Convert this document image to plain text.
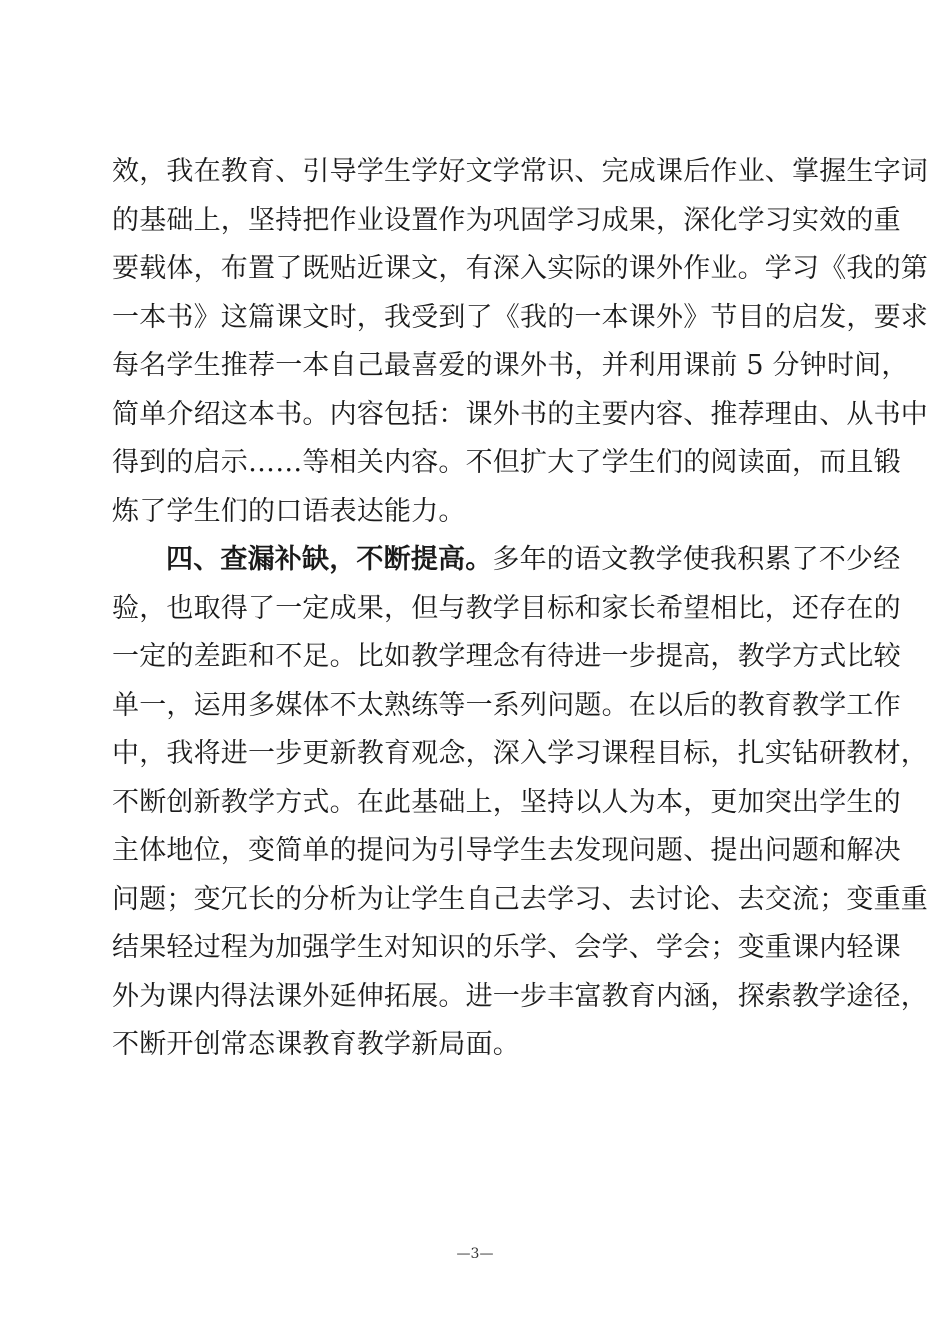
效，我在教育、引导学生学好文学常识、完成课后作业、掌握生字词
的基础上，坚持把作业设置作为巩固学习成果，深化学习实效的重
要载体，布置了既贴近课文，有深入实际的课外作业。学习《我的第
一本书》这篇课文时，我受到了《我的一本课外》节目的启发，要求
每名学生推荐一本自己最喜爱的课外书，并利用课前 5 分钟时间，
简单介绍这本书。内容包括：课外书的主要内容、推荐理由、从书中
得到的启示……等相关内容。不但扩大了学生们的阅读面，而且锻
炼了学生们的口语表达能力。
四、查漏补缺，不断提高。多年的语文教学使我积累了不少经
验，也取得了一定成果，但与教学目标和家长希望相比，还存在的
一定的差距和不足。比如教学理念有待进一步提高，教学方式比较
单一，运用多媒体不太熟练等一系列问题。在以后的教育教学工作
中，我将进一步更新教育观念，深入学习课程目标，扎实钻研教材，
不断创新教学方式。在此基础上，坚持以人为本，更加突出学生的
主体地位，变简单的提问为引导学生去发现问题、提出问题和解决
问题；变冗长的分析为让学生自己去学习、去讨论、去交流；变重重
结果轻过程为加强学生对知识的乐学、会学、学会；变重课内轻课
外为课内得法课外延伸拓展。进一步丰富教育内涵，探索教学途径，
不断开创常态课教育教学新局面。
—3—
